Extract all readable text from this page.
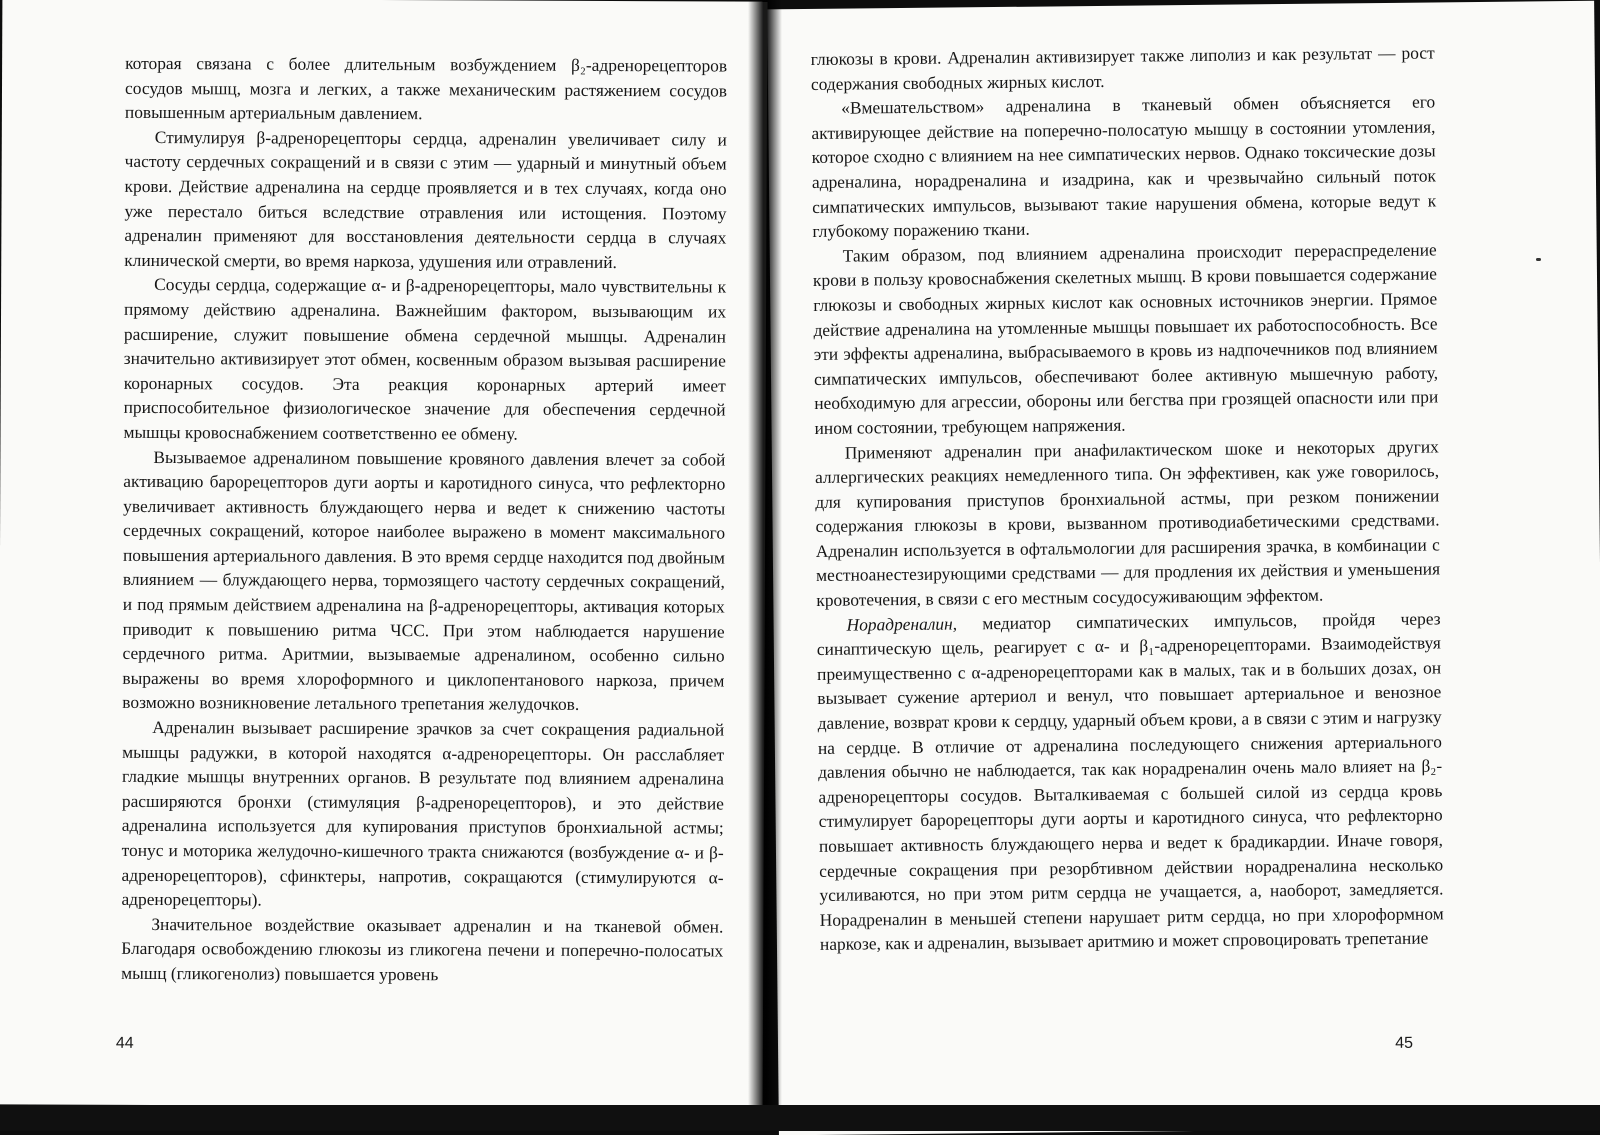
которая связана с более длительным возбуждением β₂-адренорецепторов сосудов мышц, мозга и легких, а также механическим растяжением сосудов повышенным артериальным давлением.

Стимулируя β-адренорецепторы сердца, адреналин увеличивает силу и частоту сердечных сокращений и в связи с этим — ударный и минутный объем крови. Действие адреналина на сердце проявляется и в тех случаях, когда оно уже перестало биться вследствие отравления или истощения. Поэтому адреналин применяют для восстановления деятельности сердца в случаях клинической смерти, во время наркоза, удушения или отравлений.

Сосуды сердца, содержащие α- и β-адренорецепторы, мало чувствительны к прямому действию адреналина. Важнейшим фактором, вызывающим их расширение, служит повышение обмена сердечной мышцы. Адреналин значительно активизирует этот обмен, косвенным образом вызывая расширение коронарных сосудов. Эта реакция коронарных артерий имеет приспособительное физиологическое значение для обеспечения сердечной мышцы кровоснабжением соответственно ее обмену.

Вызываемое адреналином повышение кровяного давления влечет за собой активацию барорецепторов дуги аорты и каротидного синуса, что рефлекторно увеличивает активность блуждающего нерва и ведет к снижению частоты сердечных сокращений, которое наиболее выражено в момент максимального повышения артериального давления. В это время сердце находится под двойным влиянием — блуждающего нерва, тормозящего частоту сердечных сокращений, и под прямым действием адреналина на β-адренорецепторы, активация которых приводит к повышению ритма ЧСС. При этом наблюдается нарушение сердечного ритма. Аритмии, вызываемые адреналином, особенно сильно выражены во время хлороформного и циклопентанового наркоза, причем возможно возникновение летального трепетания желудочков.

Адреналин вызывает расширение зрачков за счет сокращения радиальной мышцы радужки, в которой находятся α-адренорецепторы. Он расслабляет гладкие мышцы внутренних органов. В результате под влиянием адреналина расширяются бронхи (стимуляция β-адренорецепторов), и это действие адреналина используется для купирования приступов бронхиальной астмы; тонус и моторика желудочно-кишечного тракта снижаются (возбуждение α- и β-адренорецепторов), сфинктеры, напротив, сокращаются (стимулируются α-адренорецепторы).

Значительное воздействие оказывает адреналин и на тканевой обмен. Благодаря освобождению глюкозы из гликогена печени и поперечно-полосатых мышц (гликогенолиз) повышается уровень

44

глюкозы в крови. Адреналин активизирует также липолиз и как результат — рост содержания свободных жирных кислот.

«Вмешательством» адреналина в тканевый обмен объясняется его активирующее действие на поперечно-полосатую мышцу в состоянии утомления, которое сходно с влиянием на нее симпатических нервов. Однако токсические дозы адреналина, норадреналина и изадрина, как и чрезвычайно сильный поток симпатических импульсов, вызывают такие нарушения обмена, которые ведут к глубокому поражению ткани.

Таким образом, под влиянием адреналина происходит перераспределение крови в пользу кровоснабжения скелетных мышц. В крови повышается содержание глюкозы и свободных жирных кислот как основных источников энергии. Прямое действие адреналина на утомленные мышцы повышает их работоспособность. Все эти эффекты адреналина, выбрасываемого в кровь из надпочечников под влиянием симпатических импульсов, обеспечивают более активную мышечную работу, необходимую для агрессии, обороны или бегства при грозящей опасности или при ином состоянии, требующем напряжения.

Применяют адреналин при анафилактическом шоке и некоторых других аллергических реакциях немедленного типа. Он эффективен, как уже говорилось, для купирования приступов бронхиальной астмы, при резком понижении содержания глюкозы в крови, вызванном противодиабетическими средствами. Адреналин используется в офтальмологии для расширения зрачка, в комбинации с местноанестезирующими средствами — для продления их действия и уменьшения кровотечения, в связи с его местным сосудосуживающим эффектом.

Норадреналин, медиатор симпатических импульсов, пройдя через синаптическую щель, реагирует с α- и β₁-адренорецепторами. Взаимодействуя преимущественно с α-адренорецепторами как в малых, так и в больших дозах, он вызывает сужение артериол и венул, что повышает артериальное и венозное давление, возврат крови к сердцу, ударный объем крови, а в связи с этим и нагрузку на сердце. В отличие от адреналина последующего снижения артериального давления обычно не наблюдается, так как норадреналин очень мало влияет на β₂-адренорецепторы сосудов. Выталкиваемая с большей силой из сердца кровь стимулирует барорецепторы дуги аорты и каротидного синуса, что рефлекторно повышает активность блуждающего нерва и ведет к брадикардии. Иначе говоря, сердечные сокращения при резорбтивном действии норадреналина несколько усиливаются, но при этом ритм сердца не учащается, а, наоборот, замедляется. Норадреналин в меньшей степени нарушает ритм сердца, но при хлороформном наркозе, как и адреналин, вызывает аритмию и может спровоцировать трепетание

45
